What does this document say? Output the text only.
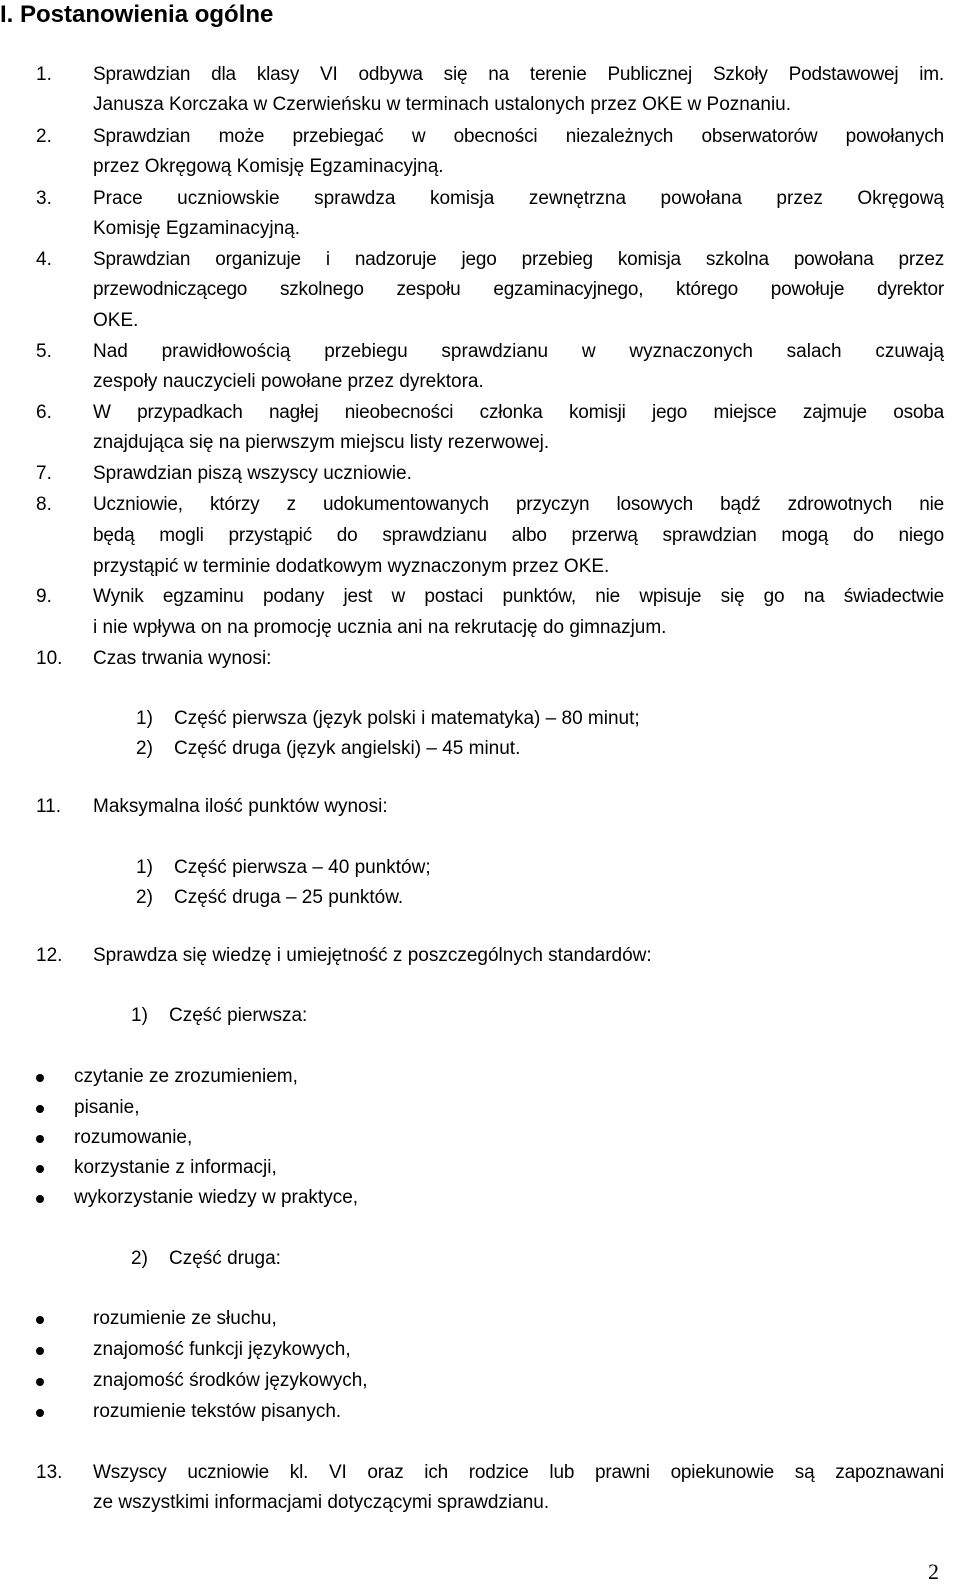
I. Postanowienia ogólne
1. Sprawdzian dla klasy VI odbywa się na terenie Publicznej Szkoły Podstawowej im.
Janusza Korczaka w Czerwieńsku w terminach ustalonych przez OKE w Poznaniu.
2. Sprawdzian może przebiegać w obecności niezależnych obserwatorów powołanych
przez Okręgową Komisję Egzaminacyjną.
3. Prace uczniowskie sprawdza komisja zewnętrzna powołana przez Okręgową
Komisję Egzaminacyjną.
4. Sprawdzian organizuje i nadzoruje jego przebieg komisja szkolna powołana przez
przewodniczącego szkolnego zespołu egzaminacyjnego, którego powołuje dyrektor
OKE.
5. Nad prawidłowością przebiegu sprawdzianu w wyznaczonych salach czuwają
zespoły nauczycieli powołane przez dyrektora.
6. W przypadkach nagłej nieobecności członka komisji jego miejsce zajmuje osoba
znajdująca się na pierwszym miejscu listy rezerwowej.
7. Sprawdzian piszą wszyscy uczniowie.
8. Uczniowie, którzy z udokumentowanych przyczyn losowych bądź zdrowotnych nie
będą mogli przystąpić do sprawdzianu albo przerwą sprawdzian mogą do niego
przystąpić w terminie dodatkowym wyznaczonym przez OKE.
9. Wynik egzaminu podany jest w postaci punktów, nie wpisuje się go na świadectwie
i nie wpływa on na promocję ucznia ani na rekrutację do gimnazjum.
10. Czas trwania wynosi:
1) Część pierwsza (język polski i matematyka) – 80 minut;
2) Część druga (język angielski) – 45 minut.
11. Maksymalna ilość punktów wynosi:
1) Część pierwsza – 40 punktów;
2) Część druga – 25 punktów.
12. Sprawdza się wiedzę i umiejętność z poszczególnych standardów:
1) Część pierwsza:
czytanie ze zrozumieniem,
pisanie,
rozumowanie,
korzystanie z informacji,
wykorzystanie wiedzy w praktyce,
2) Część druga:
rozumienie ze słuchu,
znajomość funkcji językowych,
znajomość środków językowych,
rozumienie tekstów pisanych.
13. Wszyscy uczniowie kl. VI oraz ich rodzice lub prawni opiekunowie są zapoznawani
ze wszystkimi informacjami dotyczącymi sprawdzianu.
2
